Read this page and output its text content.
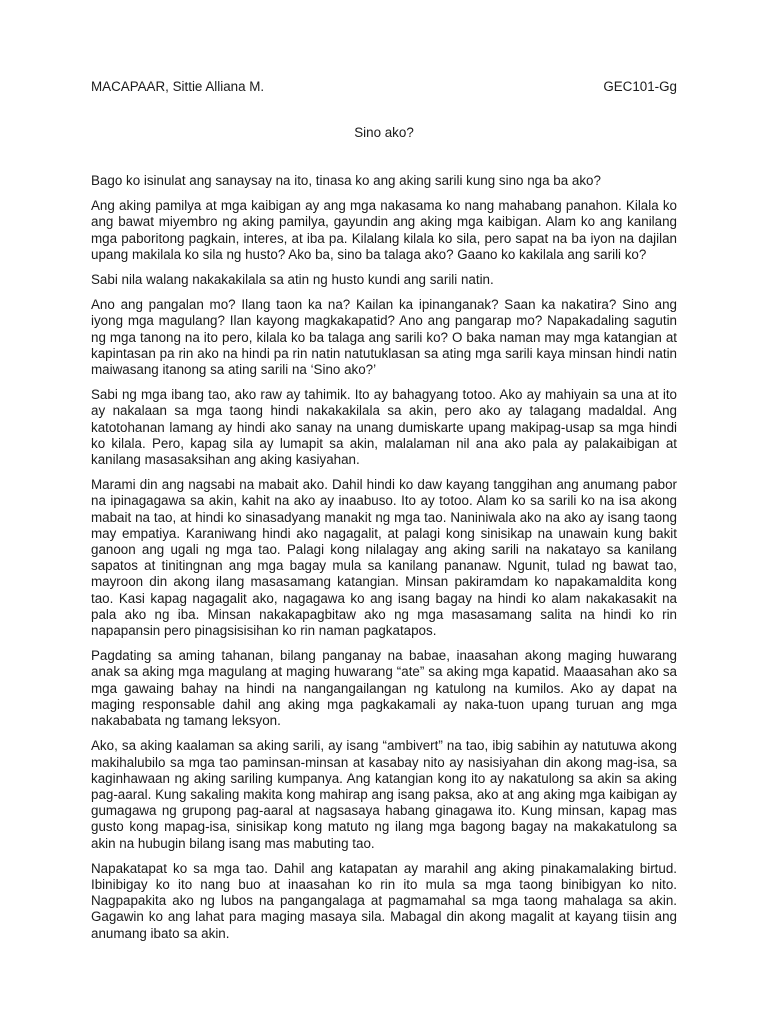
MACAPAAR, Sittie Alliana M.	GEC101-Gg
Sino ako?

Bago ko isinulat ang sanaysay na ito, tinasa ko ang aking sarili kung sino nga ba ako?

Ang aking pamilya at mga kaibigan ay ang mga nakasama ko nang mahabang panahon. Kilala ko ang bawat miyembro ng aking pamilya, gayundin ang aking mga kaibigan. Alam ko ang kanilang mga paboritong pagkain, interes, at iba pa. Kilalang kilala ko sila, pero sapat na ba iyon na dajilan upang makilala ko sila ng husto? Ako ba, sino ba talaga ako? Gaano ko kakilala ang sarili ko?

Sabi nila walang nakakakilala sa atin ng husto kundi ang sarili natin.

Ano ang pangalan mo? Ilang taon ka na? Kailan ka ipinanganak? Saan ka nakatira? Sino ang iyong mga magulang? Ilan kayong magkakapatid? Ano ang pangarap mo? Napakadaling sagutin ng mga tanong na ito pero, kilala ko ba talaga ang sarili ko? O baka naman may mga katangian at kapintasan pa rin ako na hindi pa rin natin natutuklasan sa ating mga sarili kaya minsan hindi natin maiwasang itanong sa ating sarili na ‘Sino ako?’

Sabi ng mga ibang tao, ako raw ay tahimik. Ito ay bahagyang totoo. Ako ay mahiyain sa una at ito ay nakalaan sa mga taong hindi nakakakilala sa akin, pero ako ay talagang madaldal. Ang katotohanan lamang ay hindi ako sanay na unang dumiskarte upang makipag-usap sa mga hindi ko kilala. Pero, kapag sila ay lumapit sa akin, malalaman nil ana ako pala ay palakaibigan at kanilang masasaksihan ang aking kasiyahan.

Marami din ang nagsabi na mabait ako. Dahil hindi ko daw kayang tanggihan ang anumang pabor na ipinagagawa sa akin, kahit na ako ay inaabuso. Ito ay totoo. Alam ko sa sarili ko na isa akong mabait na tao, at hindi ko sinasadyang manakit ng mga tao. Naniniwala ako na ako ay isang taong may empatiya. Karaniwang hindi ako nagagalit, at palagi kong sinisikap na unawain kung bakit ganoon ang ugali ng mga tao. Palagi kong nilalagay ang aking sarili na nakatayo sa kanilang sapatos at tinitingnan ang mga bagay mula sa kanilang pananaw. Ngunit, tulad ng bawat tao, mayroon din akong ilang masasamang katangian. Minsan pakiramdam ko napakamaldita kong tao. Kasi kapag nagagalit ako, nagagawa ko ang isang bagay na hindi ko alam nakakasakit na pala ako ng iba. Minsan nakakapagbitaw ako ng mga masasamang salita na hindi ko rin napapansin pero pinagsisisihan ko rin naman pagkatapos.

Pagdating sa aming tahanan, bilang panganay na babae, inaasahan akong maging huwarang anak sa aking mga magulang at maging huwarang “ate” sa aking mga kapatid. Maaasahan ako sa mga gawaing bahay na hindi na nangangailangan ng katulong na kumilos. Ako ay dapat na maging responsable dahil ang aking mga pagkakamali ay naka-tuon upang turuan ang mga nakababata ng tamang leksyon.

Ako, sa aking kaalaman sa aking sarili, ay isang “ambivert” na tao, ibig sabihin ay natutuwa akong makihalubilo sa mga tao paminsan-minsan at kasabay nito ay nasisiyahan din akong mag-isa, sa kaginhawaan ng aking sariling kumpanya. Ang katangian kong ito ay nakatulong sa akin sa aking pag-aaral. Kung sakaling makita kong mahirap ang isang paksa, ako at ang aking mga kaibigan ay gumagawa ng grupong pag-aaral at nagsasaya habang ginagawa ito. Kung minsan, kapag mas gusto kong mapag-isa, sinisikap kong matuto ng ilang mga bagong bagay na makakatulong sa akin na hubugin bilang isang mas mabuting tao.

Napakatapat ko sa mga tao. Dahil ang katapatan ay marahil ang aking pinakamalaking birtud. Ibinibigay ko ito nang buo at inaasahan ko rin ito mula sa mga taong binibigyan ko nito. Nagpapakita ako ng lubos na pangangalaga at pagmamahal sa mga taong mahalaga sa akin. Gagawin ko ang lahat para maging masaya sila. Mabagal din akong magalit at kayang tiisin ang anumang ibato sa akin.
